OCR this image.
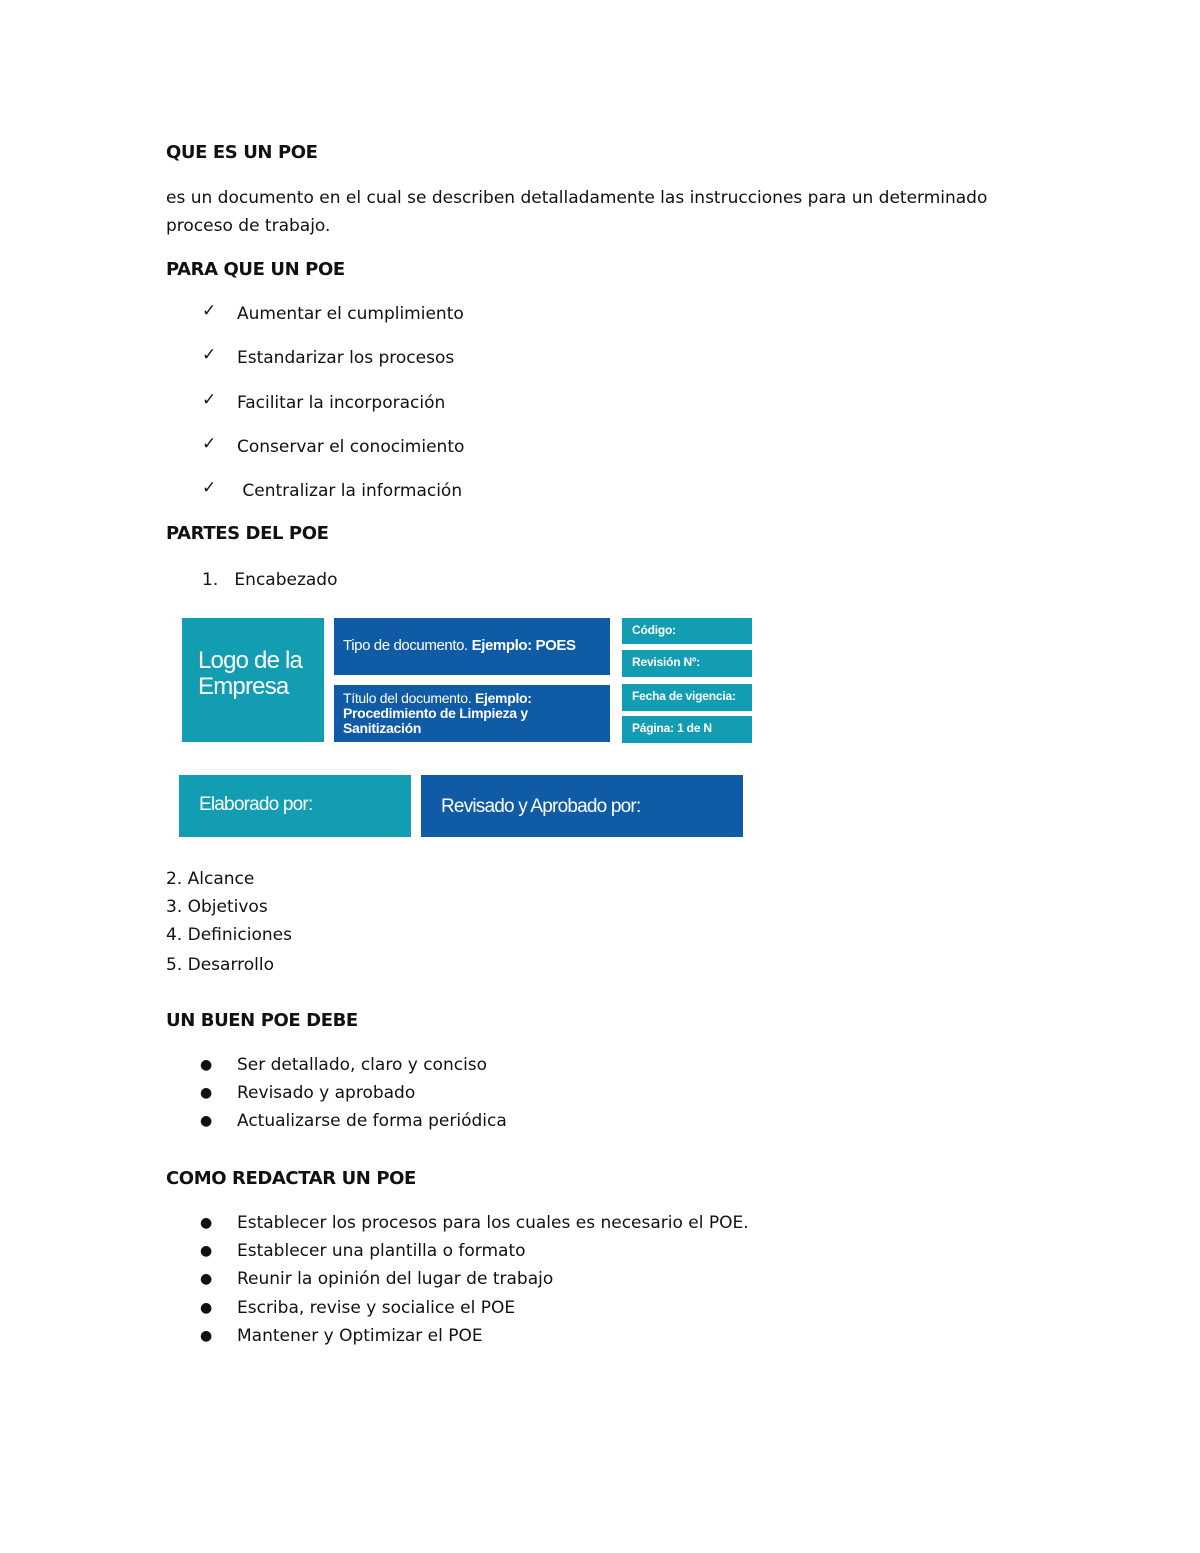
QUE ES UN POE
es un documento en el cual se describen detalladamente las instrucciones para un determinado
proceso de trabajo.
PARA QUE UN POE
✓ Aumentar el cumplimiento
✓ Estandarizar los procesos
✓ Facilitar la incorporación
✓ Conservar el conocimiento
✓ Centralizar la información
PARTES DEL POE
1.   Encabezado
Logo de la Empresa
Tipo de documento. Ejemplo: POES
Título del documento. Ejemplo: Procedimiento de Limpieza y Sanitización
Código:
Revisión Nº:
Fecha de vigencia:
Página: 1 de N
Elaborado por:	Revisado y Aprobado por:
2. Alcance
3. Objetivos
4. Definiciones
5. Desarrollo
UN BUEN POE DEBE
● Ser detallado, claro y conciso
● Revisado y aprobado
● Actualizarse de forma periódica
COMO REDACTAR UN POE
● Establecer los procesos para los cuales es necesario el POE.
● Establecer una plantilla o formato
● Reunir la opinión del lugar de trabajo
● Escriba, revise y socialice el POE
● Mantener y Optimizar el POE
